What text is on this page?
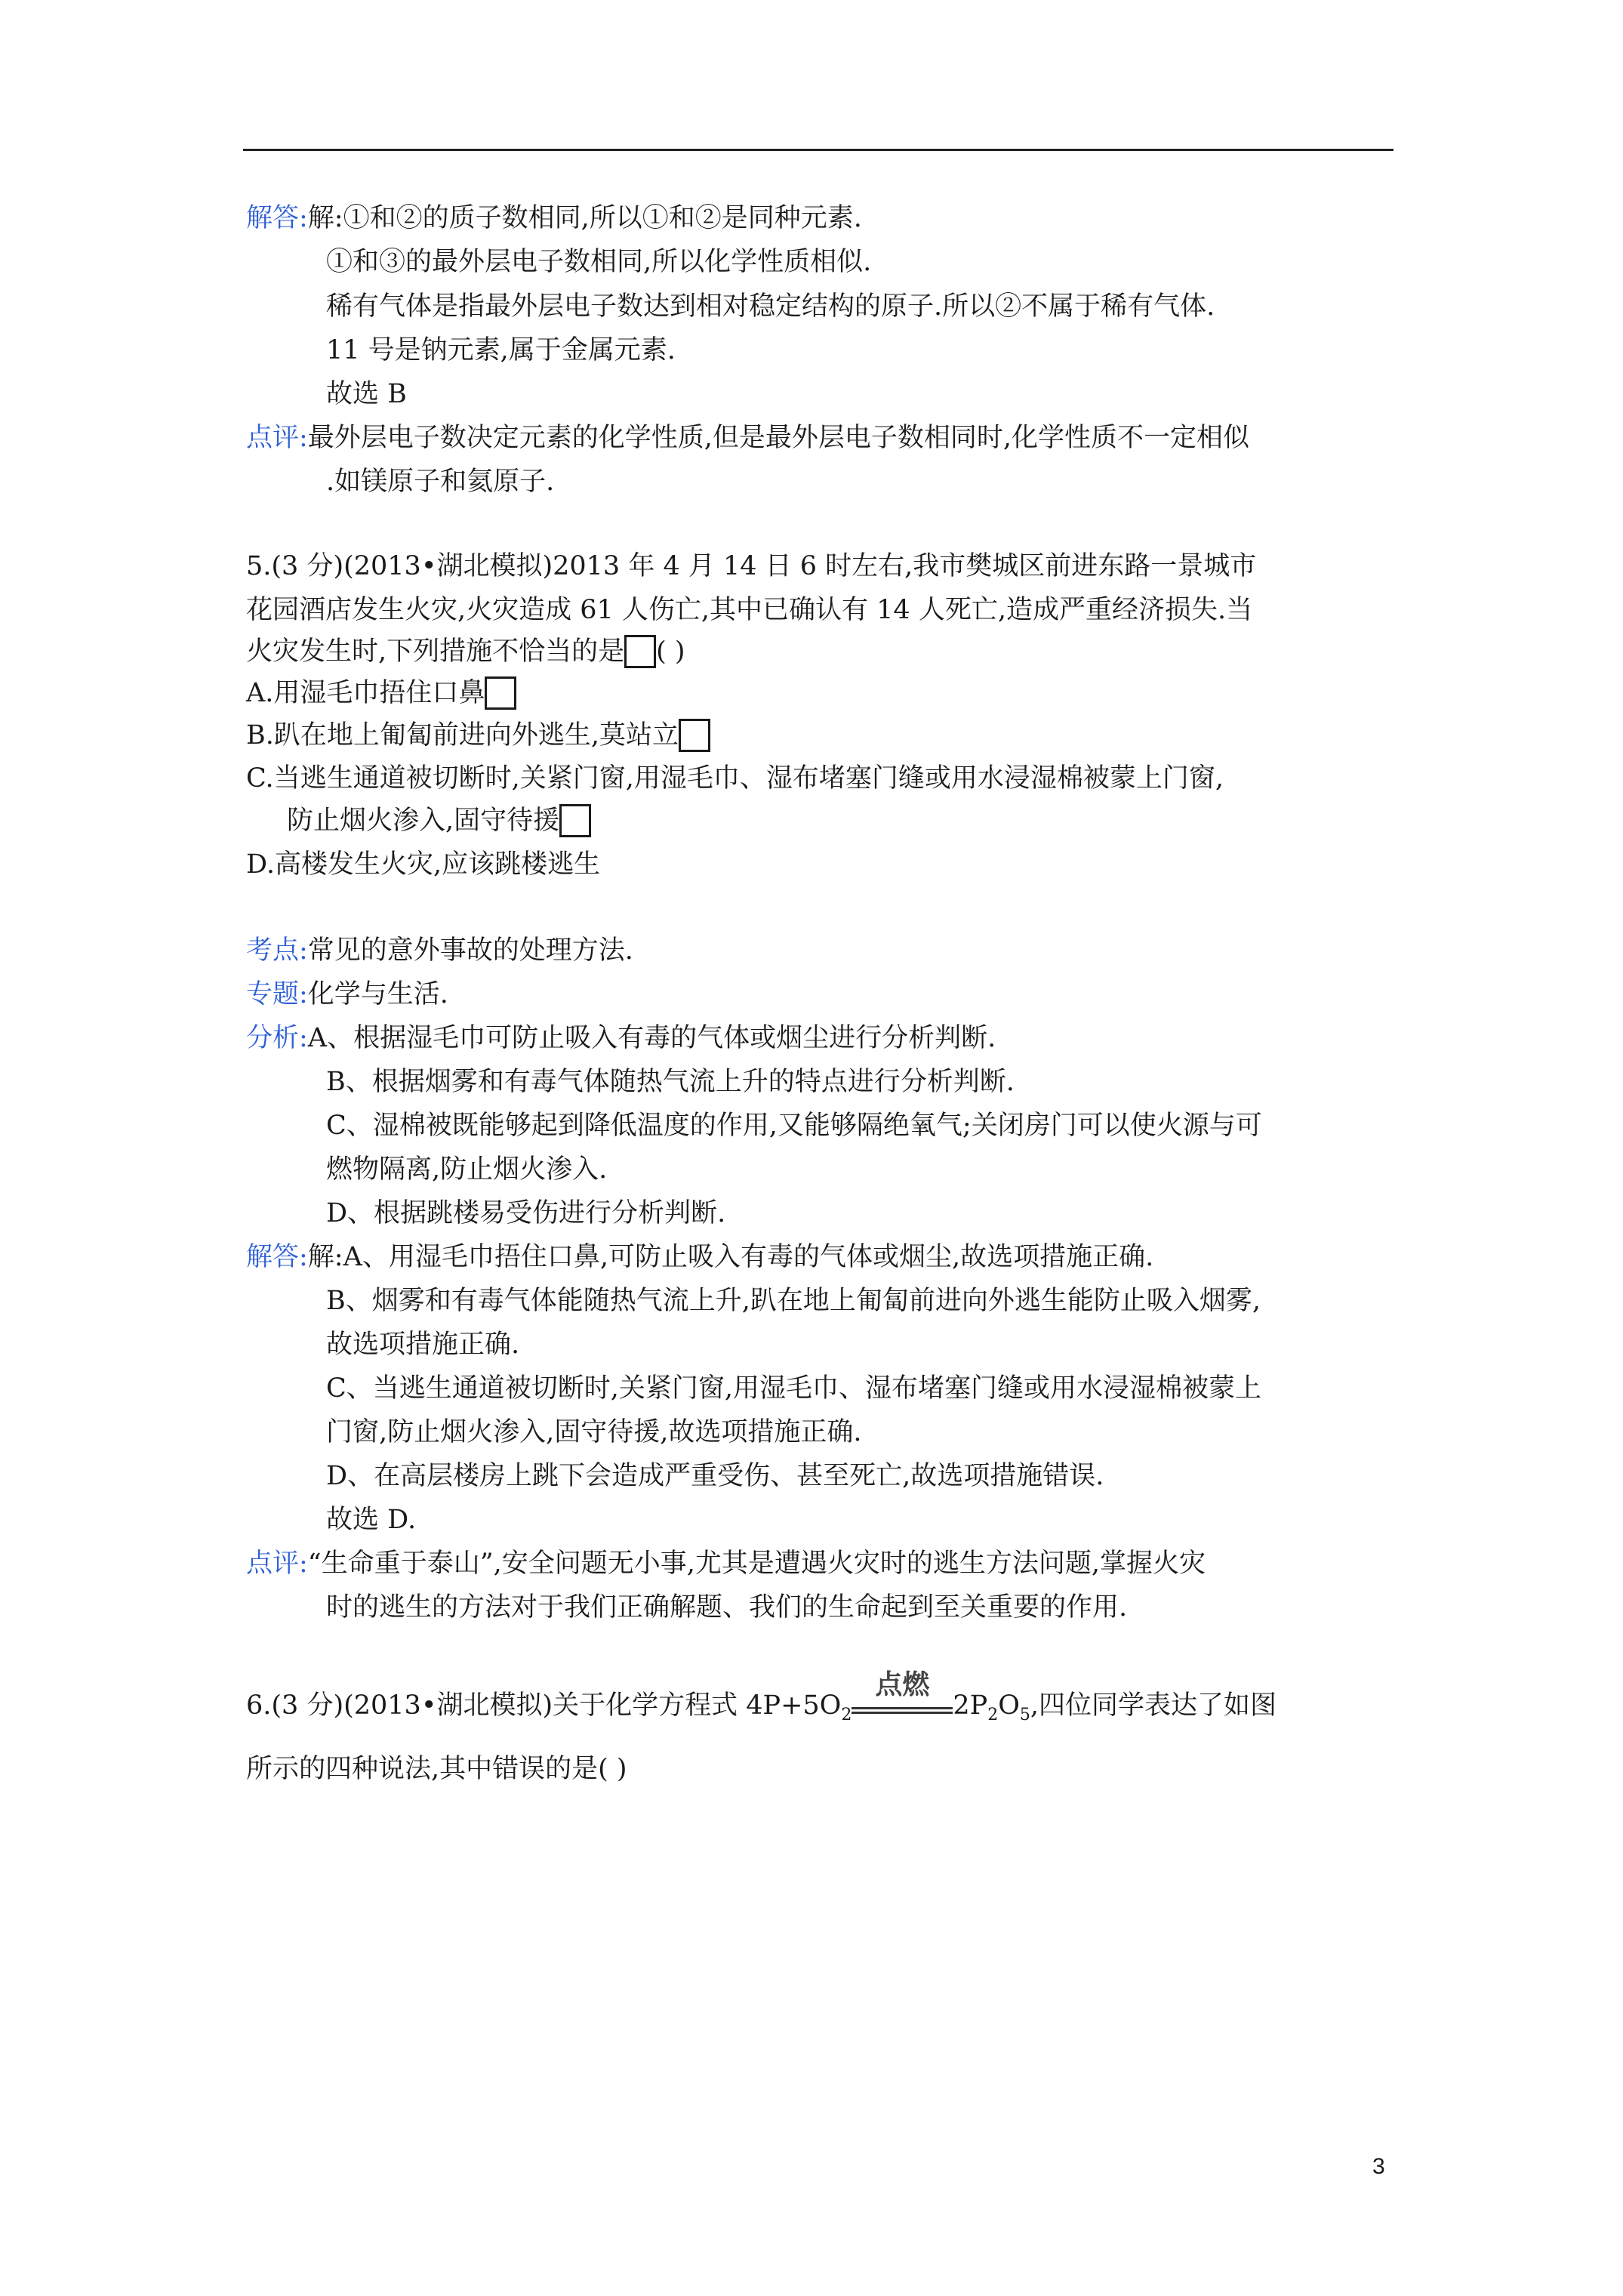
解答:解:①和②的质子数相同,所以①和②是同种元素.
①和③的最外层电子数相同,所以化学性质相似.
稀有气体是指最外层电子数达到相对稳定结构的原子.所以②不属于稀有气体.
11 号是钠元素,属于金属元素.
故选 B
点评:最外层电子数决定元素的化学性质,但是最外层电子数相同时,化学性质不一定相似
.如镁原子和氦原子.
5.(3 分)(2013•湖北模拟)2013 年 4 月 14 日 6 时左右,我市樊城区前进东路一景城市
花园酒店发生火灾,火灾造成 61 人伤亡,其中已确认有 14 人死亡,造成严重经济损失.当
火灾发生时,下列措施不恰当的是 ( )
A.用湿毛巾捂住口鼻
B.趴在地上匍匐前进向外逃生,莫站立
C.当逃生通道被切断时,关紧门窗,用湿毛巾、湿布堵塞门缝或用水浸湿棉被蒙上门窗,
防止烟火渗入,固守待援
D.高楼发生火灾,应该跳楼逃生
考点:常见的意外事故的处理方法.
专题:化学与生活.
分析:A、根据湿毛巾可防止吸入有毒的气体或烟尘进行分析判断.
B、根据烟雾和有毒气体随热气流上升的特点进行分析判断.
C、湿棉被既能够起到降低温度的作用,又能够隔绝氧气;关闭房门可以使火源与可
燃物隔离,防止烟火渗入.
D、根据跳楼易受伤进行分析判断.
解答:解:A、用湿毛巾捂住口鼻,可防止吸入有毒的气体或烟尘,故选项措施正确.
B、烟雾和有毒气体能随热气流上升,趴在地上匍匐前进向外逃生能防止吸入烟雾,
故选项措施正确.
C、当逃生通道被切断时,关紧门窗,用湿毛巾、湿布堵塞门缝或用水浸湿棉被蒙上
门窗,防止烟火渗入,固守待援,故选项措施正确.
D、在高层楼房上跳下会造成严重受伤、甚至死亡,故选项措施错误.
故选 D.
点评:“生命重于泰山”,安全问题无小事,尤其是遭遇火灾时的逃生方法问题,掌握火灾
时的逃生的方法对于我们正确解题、我们的生命起到至关重要的作用.
6.(3 分)(2013•湖北模拟)关于化学方程式 $4P+5O_2$
点燃
$2P_2O_5$,四位同学表达了如图
所示的四种说法,其中错误的是( )
3
